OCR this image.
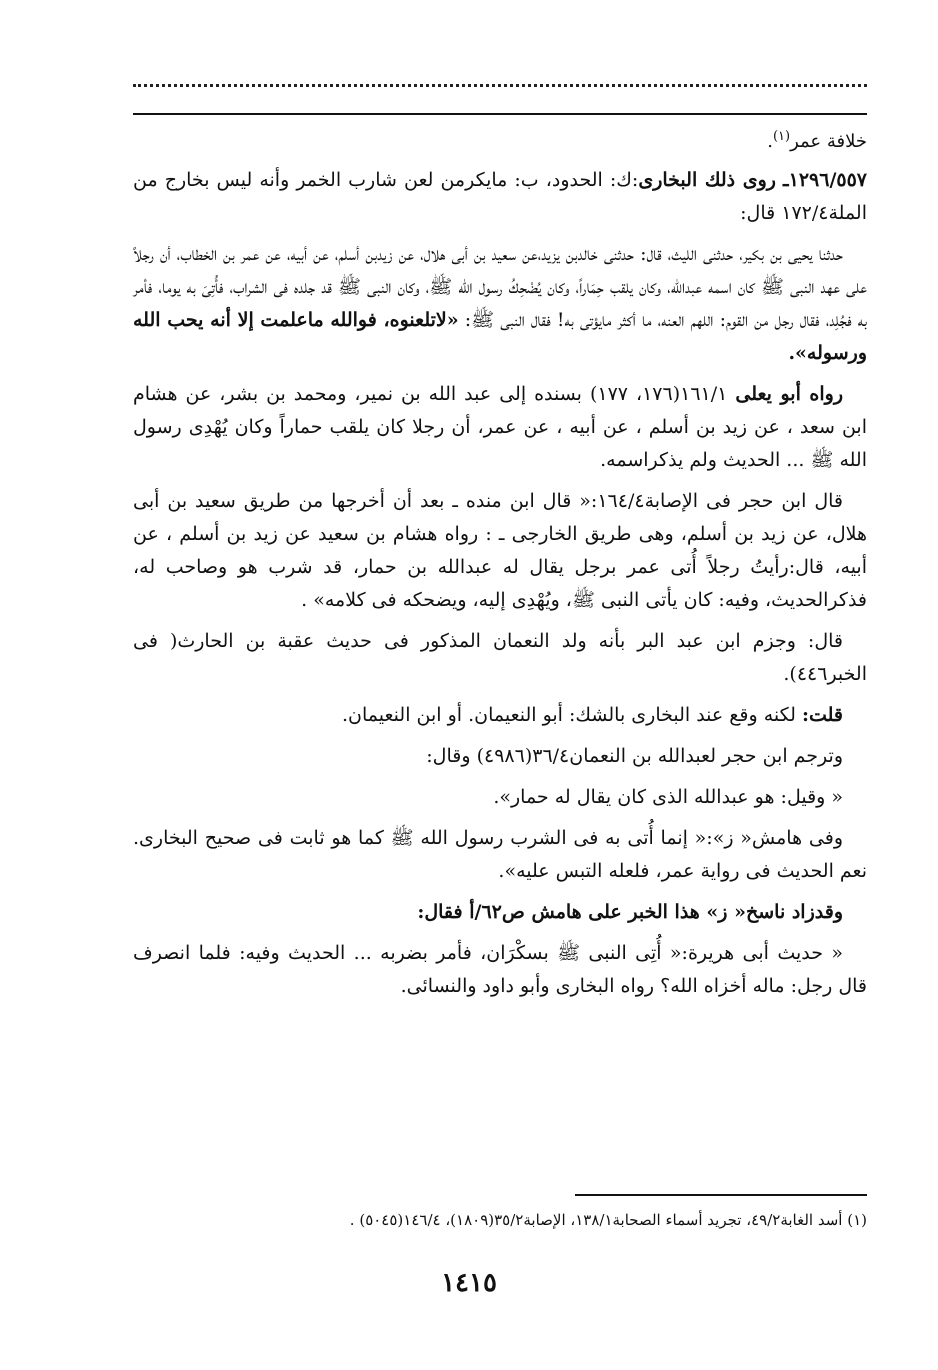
خلافة عمر$^{(١)}$.

١٢٩٦/٥٥٧ـ روى ذلك البخارى:ك: الحدود، ب: مايكرمن لعن شارب الخمر وأنه ليس بخارج من الملة١٧٢/٤ قال:

حدثنا يحيى بن بكير، حدثنى الليث، قال: حدثنى خالدبن يزيد،عن سعيد بن أبى هلال، عن زيدبن أسلم، عن أبيه، عن عمر بن الخطاب، أن رجلاً على عهد النبى ﷺ كان اسمه عبدالله، وكان يلقب حِمَاراً، وكان يُضْحِكُ رسول الله ﷺ، وكان النبى ﷺ قد جلده فى الشراب، فأُتِىَ به يوما، فأمر به فجُلِد، فقال رجل من القوم: اللهم العنه، ما أكثر مايؤتى به! فقال النبى ﷺ: «لاتلعنوه، فوالله ماعلمت إلا أنه يحب الله ورسوله».

رواه أبو يعلى ١٦١/١(١٧٦، ١٧٧) بسنده إلى عبد الله بن نمير، ومحمد بن بشر، عن هشام ابن سعد ، عن زيد بن أسلم ، عن أبيه ، عن عمر، أن رجلا كان يلقب حماراً وكان يُهْدِى رسول الله ﷺ ... الحديث ولم يذكراسمه.

قال ابن حجر فى الإصابة١٦٤/٤:« قال ابن منده ـ بعد أن أخرجها من طريق سعيد بن أبى هلال، عن زيد بن أسلم، وهى طريق الخارجى ـ : رواه هشام بن سعيد عن زيد بن أسلم ، عن أبيه، قال:رأيتُ رجلاً أُتى عمر برجل يقال له عبدالله بن حمار، قد شرب هو وصاحب له، فذكرالحديث، وفيه: كان يأتى النبى ﷺ، ويُهْدِى إليه، ويضحكه فى كلامه» .

قال: وجزم ابن عبد البر بأنه ولد النعمان المذكور فى حديث عقبة بن الحارث( فى الخبر٤٤٦).

قلت: لكنه وقع عند البخارى بالشك: أبو النعيمان. أو ابن النعيمان.

وترجم ابن حجر لعبدالله بن النعمان٣٦/٤(٤٩٨٦) وقال:

« وقيل: هو عبدالله الذى كان يقال له حمار».

وفى هامش« ز»:« إنما أُتى به فى الشرب رسول الله ﷺ كما هو ثابت فى صحيح البخارى. نعم الحديث فى رواية عمر، فلعله التبس عليه».

وقدزاد ناسخ« ز» هذا الخبر على هامش ص٦٢/أ فقال:

« حديث أبى هريرة:« أُتِى النبى ﷺ بسكْرَان، فأمر بضربه ... الحديث وفيه: فلما انصرف قال رجل: ماله أخزاه الله؟ رواه البخارى وأبو داود والنسائى.

(١) أسد الغابة٤٩/٢، تجريد أسماء الصحابة١٣٨/١، الإصابة٣٥/٢(١٨٠٩)، ١٤٦/٤(٥٠٤٥) .
١٤١٥
